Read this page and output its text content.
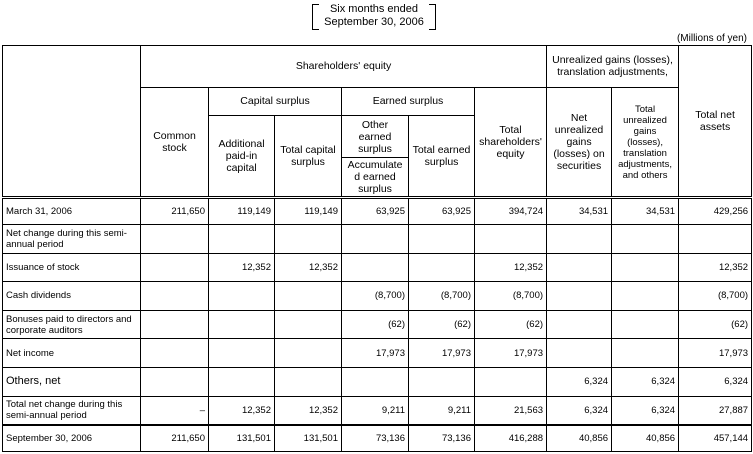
Six months ended
September 30, 2006
(Millions of yen)
	Shareholders' equity						Unrealized gains (losses), translation adjustments,		Total net assets
	Common stock	Capital surplus		Earned surplus		Total shareholders' equity	Net unrealized gains (losses) on securities	Total unrealized gains (losses), translation adjustments, and others	
		Additional paid-in capital	Total capital surplus	Other earned surplus	Total earned surplus				
				Accumulate d earned surplus					

March 31, 2006	211,650	119,149	119,149	63,925	63,925	394,724	34,531	34,531	429,256
Net change during this semi-annual period									
Issuance of stock		12,352	12,352			12,352			12,352
Cash dividends				(8,700)	(8,700)	(8,700)			(8,700)
Bonuses paid to directors and corporate auditors				(62)	(62)	(62)			(62)
Net income				17,973	17,973	17,973			17,973
Others, net							6,324	6,324	6,324
Total net change during this semi-annual period	–	12,352	12,352	9,211	9,211	21,563	6,324	6,324	27,887
September 30, 2006	211,650	131,501	131,501	73,136	73,136	416,288	40,856	40,856	457,144
